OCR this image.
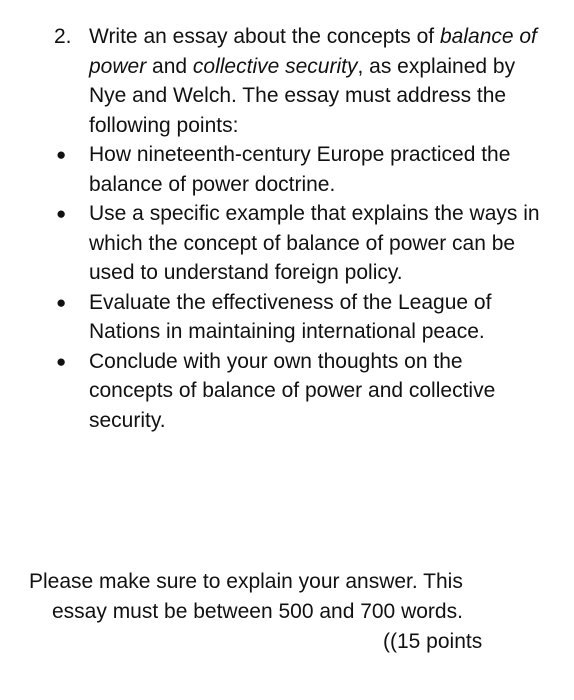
2. Write an essay about the concepts of balance of power and collective security, as explained by Nye and Welch. The essay must address the following points:
● How nineteenth-century Europe practiced the balance of power doctrine.
● Use a specific example that explains the ways in which the concept of balance of power can be used to understand foreign policy.
● Evaluate the effectiveness of the League of Nations in maintaining international peace.
● Conclude with your own thoughts on the concepts of balance of power and collective security.
Please make sure to explain your answer. This
essay must be between 500 and 700 words.
((15 points
